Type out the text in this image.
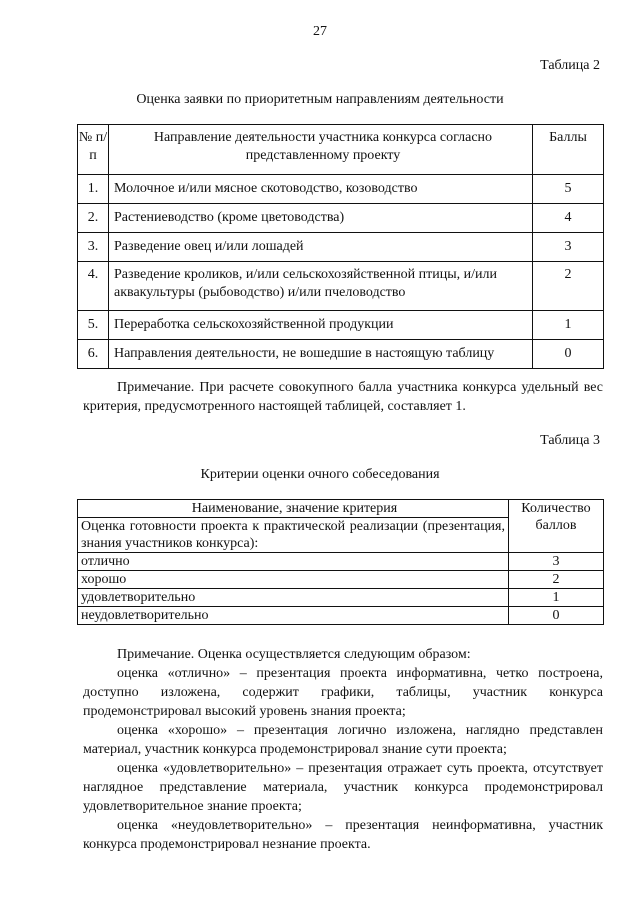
27
Таблица 2
Оценка заявки по приоритетным направлениям деятельности
№ п/п	Направление деятельности участника конкурса согласно представленному проекту	Баллы
1.	Молочное и/или мясное скотоводство, козоводство	5
2.	Растениеводство (кроме цветоводства)	4
3.	Разведение овец и/или лошадей	3
4.	Разведение кроликов, и/или сельскохозяйственной птицы, и/или аквакультуры (рыбоводство) и/или пчеловодство	2
5.	Переработка сельскохозяйственной продукции	1
6.	Направления деятельности, не вошедшие в настоящую таблицу	0
Примечание. При расчете совокупного балла участника конкурса удельный вес критерия, предусмотренного настоящей таблицей, составляет 1.
Таблица 3
Критерии оценки очного собеседования
Наименование, значение критерия	Количество баллов
Оценка готовности проекта к практической реализации (презентация, знания участников конкурса):	

отлично	3
хорошо	2
удовлетворительно	1
неудовлетворительно	0
Примечание. Оценка осуществляется следующим образом:
оценка «отлично» – презентация проекта информативна, четко построена, доступно изложена, содержит графики, таблицы, участник конкурса продемонстрировал высокий уровень знания проекта;
оценка «хорошо» – презентация логично изложена, наглядно представлен материал, участник конкурса продемонстрировал знание сути проекта;
оценка «удовлетворительно» – презентация отражает суть проекта, отсутствует наглядное представление материала, участник конкурса продемонстрировал удовлетворительное знание проекта;
оценка «неудовлетворительно» – презентация неинформативна, участник конкурса продемонстрировал незнание проекта.
